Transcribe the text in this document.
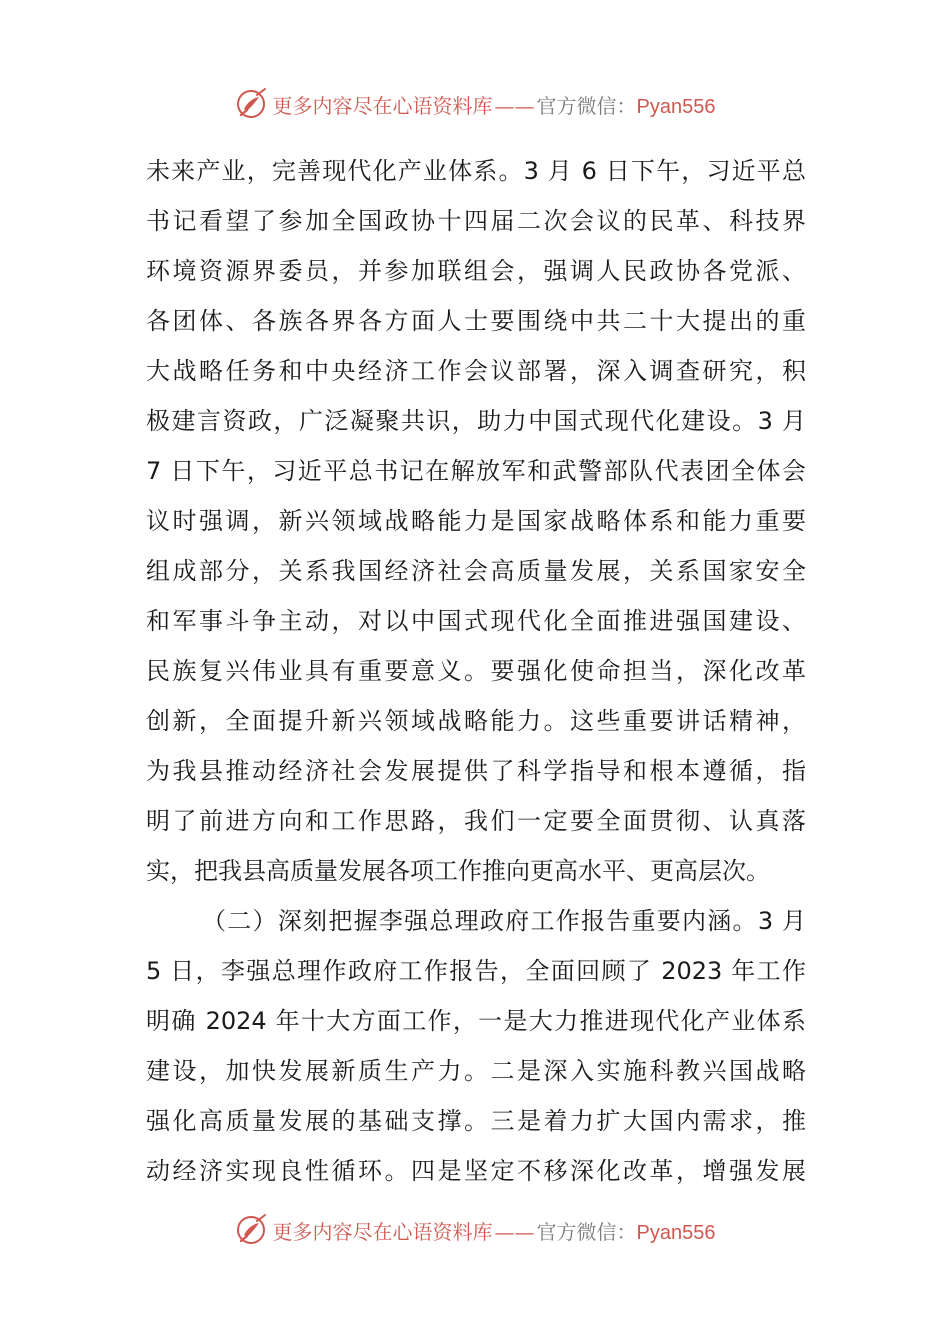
更多内容尽在心语资料库 —— 官方微信：Pyan556
未来产业，完善现代化产业体系。3 月 6 日下午，习近平总
书记看望了参加全国政协十四届二次会议的民革、科技界
环境资源界委员，并参加联组会，强调人民政协各党派、
各团体、各族各界各方面人士要围绕中共二十大提出的重
大战略任务和中央经济工作会议部署，深入调查研究，积
极建言资政，广泛凝聚共识，助力中国式现代化建设。3 月
7 日下午，习近平总书记在解放军和武警部队代表团全体会
议时强调，新兴领域战略能力是国家战略体系和能力重要
组成部分，关系我国经济社会高质量发展，关系国家安全
和军事斗争主动，对以中国式现代化全面推进强国建设、
民族复兴伟业具有重要意义。要强化使命担当，深化改革
创新，全面提升新兴领域战略能力。这些重要讲话精神，
为我县推动经济社会发展提供了科学指导和根本遵循，指
明了前进方向和工作思路，我们一定要全面贯彻、认真落
实，把我县高质量发展各项工作推向更高水平、更高层次。
（二）深刻把握李强总理政府工作报告重要内涵。3 月
5 日，李强总理作政府工作报告，全面回顾了 2023 年工作
明确 2024 年十大方面工作，一是大力推进现代化产业体系
建设，加快发展新质生产力。二是深入实施科教兴国战略
强化高质量发展的基础支撑。三是着力扩大国内需求，推
动经济实现良性循环。四是坚定不移深化改革，增强发展
更多内容尽在心语资料库 —— 官方微信：Pyan556
